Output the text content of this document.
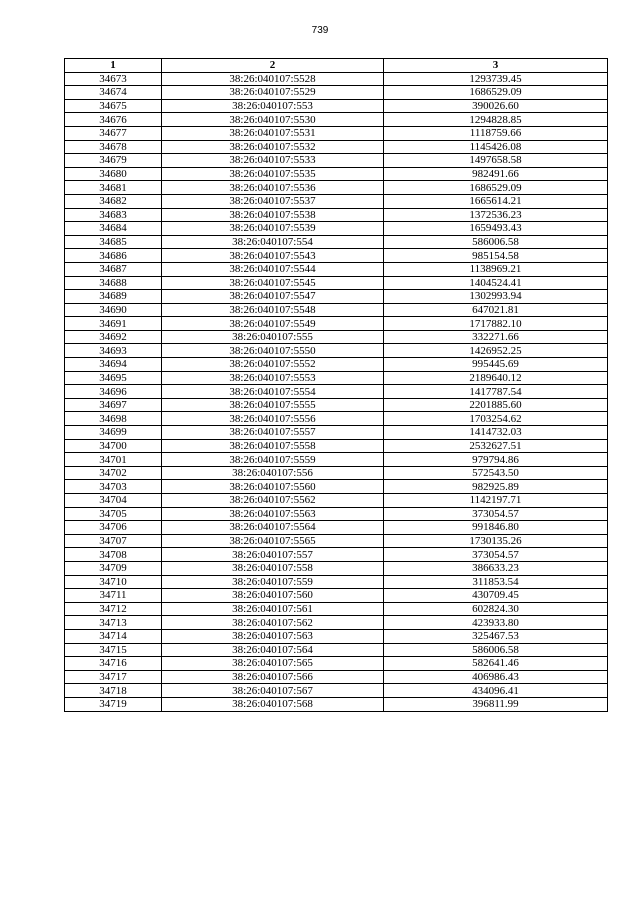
739
1	2	3
34673	38:26:040107:5528	1293739.45
34674	38:26:040107:5529	1686529.09
34675	38:26:040107:553	390026.60
34676	38:26:040107:5530	1294828.85
34677	38:26:040107:5531	1118759.66
34678	38:26:040107:5532	1145426.08
34679	38:26:040107:5533	1497658.58
34680	38:26:040107:5535	982491.66
34681	38:26:040107:5536	1686529.09
34682	38:26:040107:5537	1665614.21
34683	38:26:040107:5538	1372536.23
34684	38:26:040107:5539	1659493.43
34685	38:26:040107:554	586006.58
34686	38:26:040107:5543	985154.58
34687	38:26:040107:5544	1138969.21
34688	38:26:040107:5545	1404524.41
34689	38:26:040107:5547	1302993.94
34690	38:26:040107:5548	647021.81
34691	38:26:040107:5549	1717882.10
34692	38:26:040107:555	332271.66
34693	38:26:040107:5550	1426952.25
34694	38:26:040107:5552	995445.69
34695	38:26:040107:5553	2189640.12
34696	38:26:040107:5554	1417787.54
34697	38:26:040107:5555	2201885.60
34698	38:26:040107:5556	1703254.62
34699	38:26:040107:5557	1414732.03
34700	38:26:040107:5558	2532627.51
34701	38:26:040107:5559	979794.86
34702	38:26:040107:556	572543.50
34703	38:26:040107:5560	982925.89
34704	38:26:040107:5562	1142197.71
34705	38:26:040107:5563	373054.57
34706	38:26:040107:5564	991846.80
34707	38:26:040107:5565	1730135.26
34708	38:26:040107:557	373054.57
34709	38:26:040107:558	386633.23
34710	38:26:040107:559	311853.54
34711	38:26:040107:560	430709.45
34712	38:26:040107:561	602824.30
34713	38:26:040107:562	423933.80
34714	38:26:040107:563	325467.53
34715	38:26:040107:564	586006.58
34716	38:26:040107:565	582641.46
34717	38:26:040107:566	406986.43
34718	38:26:040107:567	434096.41
34719	38:26:040107:568	396811.99
